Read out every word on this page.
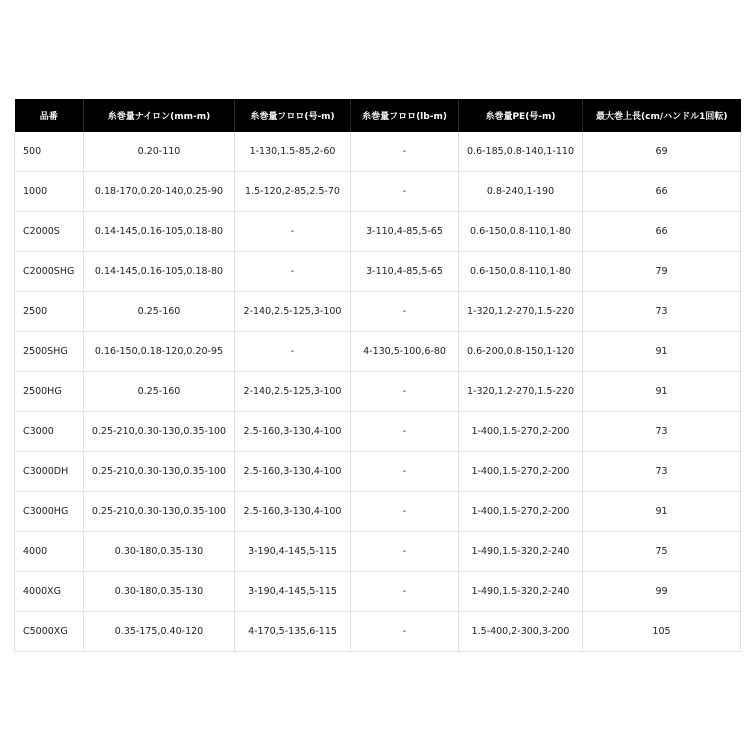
品番	糸巻量ナイロン(mm-m)	糸巻量フロロ(号-m)	糸巻量フロロ(lb-m)	糸巻量PE(号-m)	最大巻上長(cm/ハンドル1回転)
500	0.20-110	1-130,1.5-85,2-60	-	0.6-185,0.8-140,1-110	69
1000	0.18-170,0.20-140,0.25-90	1.5-120,2-85,2.5-70	-	0.8-240,1-190	66
C2000S	0.14-145,0.16-105,0.18-80	-	3-110,4-85,5-65	0.6-150,0.8-110,1-80	66
C2000SHG	0.14-145,0.16-105,0.18-80	-	3-110,4-85,5-65	0.6-150,0.8-110,1-80	79
2500	0.25-160	2-140,2.5-125,3-100	-	1-320,1.2-270,1.5-220	73
2500SHG	0.16-150,0.18-120,0.20-95	-	4-130,5-100,6-80	0.6-200,0.8-150,1-120	91
2500HG	0.25-160	2-140,2.5-125,3-100	-	1-320,1.2-270,1.5-220	91
C3000	0.25-210,0.30-130,0.35-100	2.5-160,3-130,4-100	-	1-400,1.5-270,2-200	73
C3000DH	0.25-210,0.30-130,0.35-100	2.5-160,3-130,4-100	-	1-400,1.5-270,2-200	73
C3000HG	0.25-210,0.30-130,0.35-100	2.5-160,3-130,4-100	-	1-400,1.5-270,2-200	91
4000	0.30-180,0.35-130	3-190,4-145,5-115	-	1-490,1.5-320,2-240	75
4000XG	0.30-180,0.35-130	3-190,4-145,5-115	-	1-490,1.5-320,2-240	99
C5000XG	0.35-175,0.40-120	4-170,5-135,6-115	-	1.5-400,2-300,3-200	105
